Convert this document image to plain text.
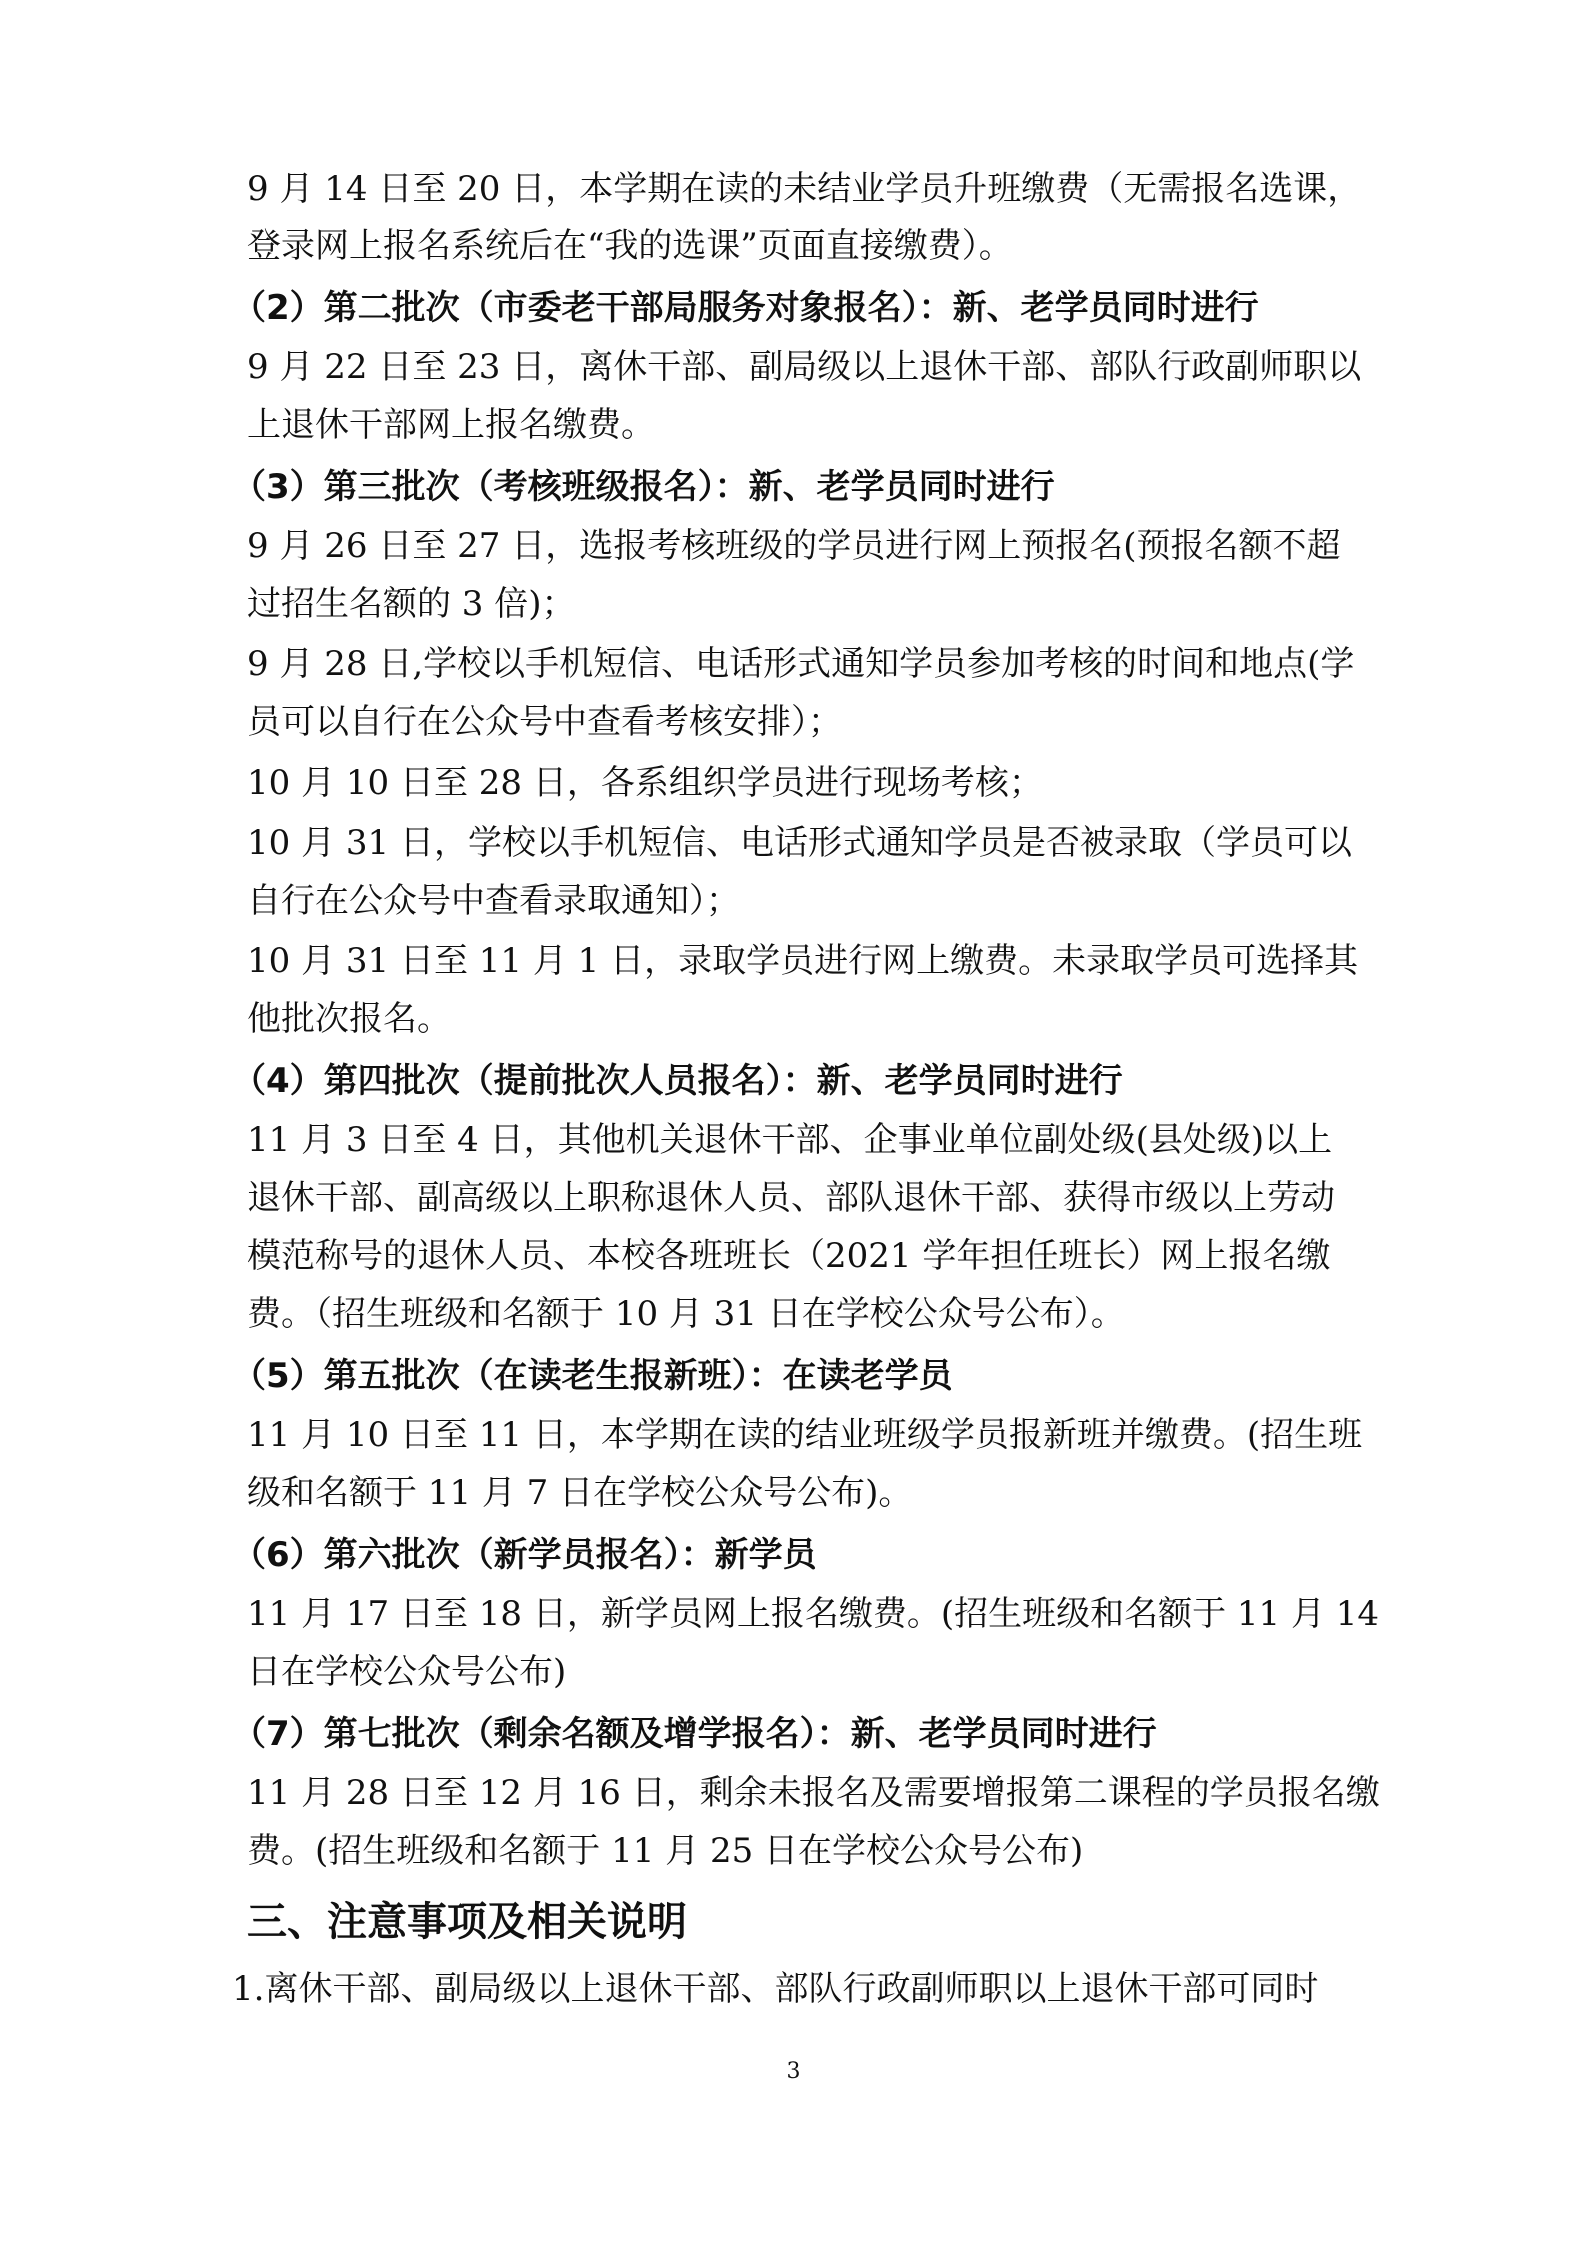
9 月 14 日至 20 日，本学期在读的未结业学员升班缴费（无需报名选课，
登录网上报名系统后在“我的选课”页面直接缴费）。
（2）第二批次（市委老干部局服务对象报名）：新、老学员同时进行
9 月 22 日至 23 日，离休干部、副局级以上退休干部、部队行政副师职以
上退休干部网上报名缴费。
（3）第三批次（考核班级报名）：新、老学员同时进行
9 月 26 日至 27 日，选报考核班级的学员进行网上预报名(预报名额不超
过招生名额的 3 倍)；
9 月 28 日,学校以手机短信、电话形式通知学员参加考核的时间和地点(学
员可以自行在公众号中查看考核安排）；
10 月 10 日至 28 日，各系组织学员进行现场考核；
10 月 31 日，学校以手机短信、电话形式通知学员是否被录取（学员可以
自行在公众号中查看录取通知）；
10 月 31 日至 11 月 1 日，录取学员进行网上缴费。未录取学员可选择其
他批次报名。
（4）第四批次（提前批次人员报名）：新、老学员同时进行
11 月 3 日至 4 日，其他机关退休干部、企事业单位副处级(县处级)以上
退休干部、副高级以上职称退休人员、部队退休干部、获得市级以上劳动
模范称号的退休人员、本校各班班长（2021 学年担任班长）网上报名缴
费。（招生班级和名额于 10 月 31 日在学校公众号公布）。
（5）第五批次（在读老生报新班）：在读老学员
11 月 10 日至 11 日，本学期在读的结业班级学员报新班并缴费。(招生班
级和名额于 11 月 7 日在学校公众号公布)。
（6）第六批次（新学员报名）：新学员
11 月 17 日至 18 日，新学员网上报名缴费。(招生班级和名额于 11 月 14
日在学校公众号公布)
（7）第七批次（剩余名额及增学报名）：新、老学员同时进行
11 月 28 日至 12 月 16 日，剩余未报名及需要增报第二课程的学员报名缴
费。(招生班级和名额于 11 月 25 日在学校公众号公布)
三、注意事项及相关说明
1.离休干部、副局级以上退休干部、部队行政副师职以上退休干部可同时
3
